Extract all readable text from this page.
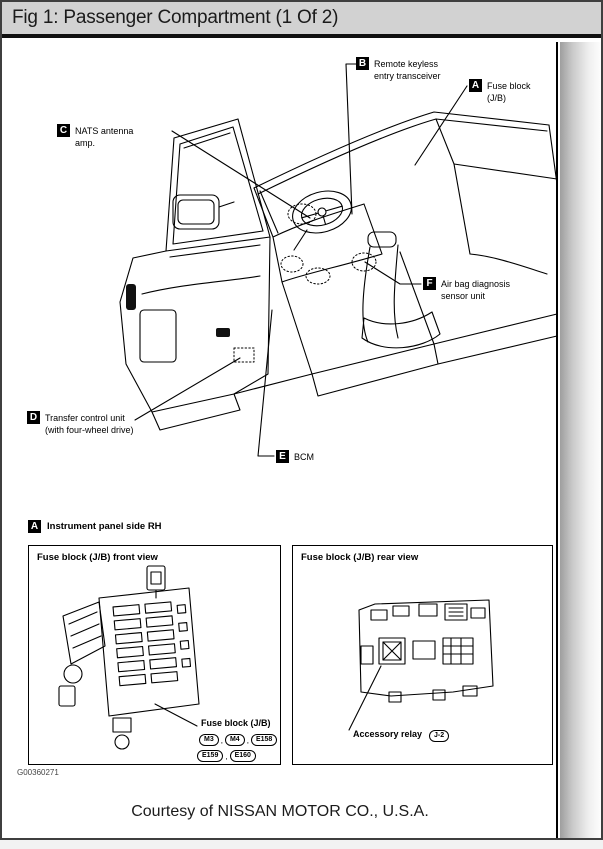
Fig 1: Passenger Compartment (1 Of 2)
B Remote keyless
entry transceiver
A Fuse block
(J/B)
C NATS antenna
amp.
F Air bag diagnosis
sensor unit
D Transfer control unit
(with four-wheel drive)
E BCM
A Instrument panel side RH
Fuse block (J/B) front view
Fuse block (J/B)
M3 ,	M4 ,	E158
E159 ,	E160
Fuse block (J/B) rear view
Accessory relay	J-2
G00360271
Courtesy of NISSAN MOTOR CO., U.S.A.
